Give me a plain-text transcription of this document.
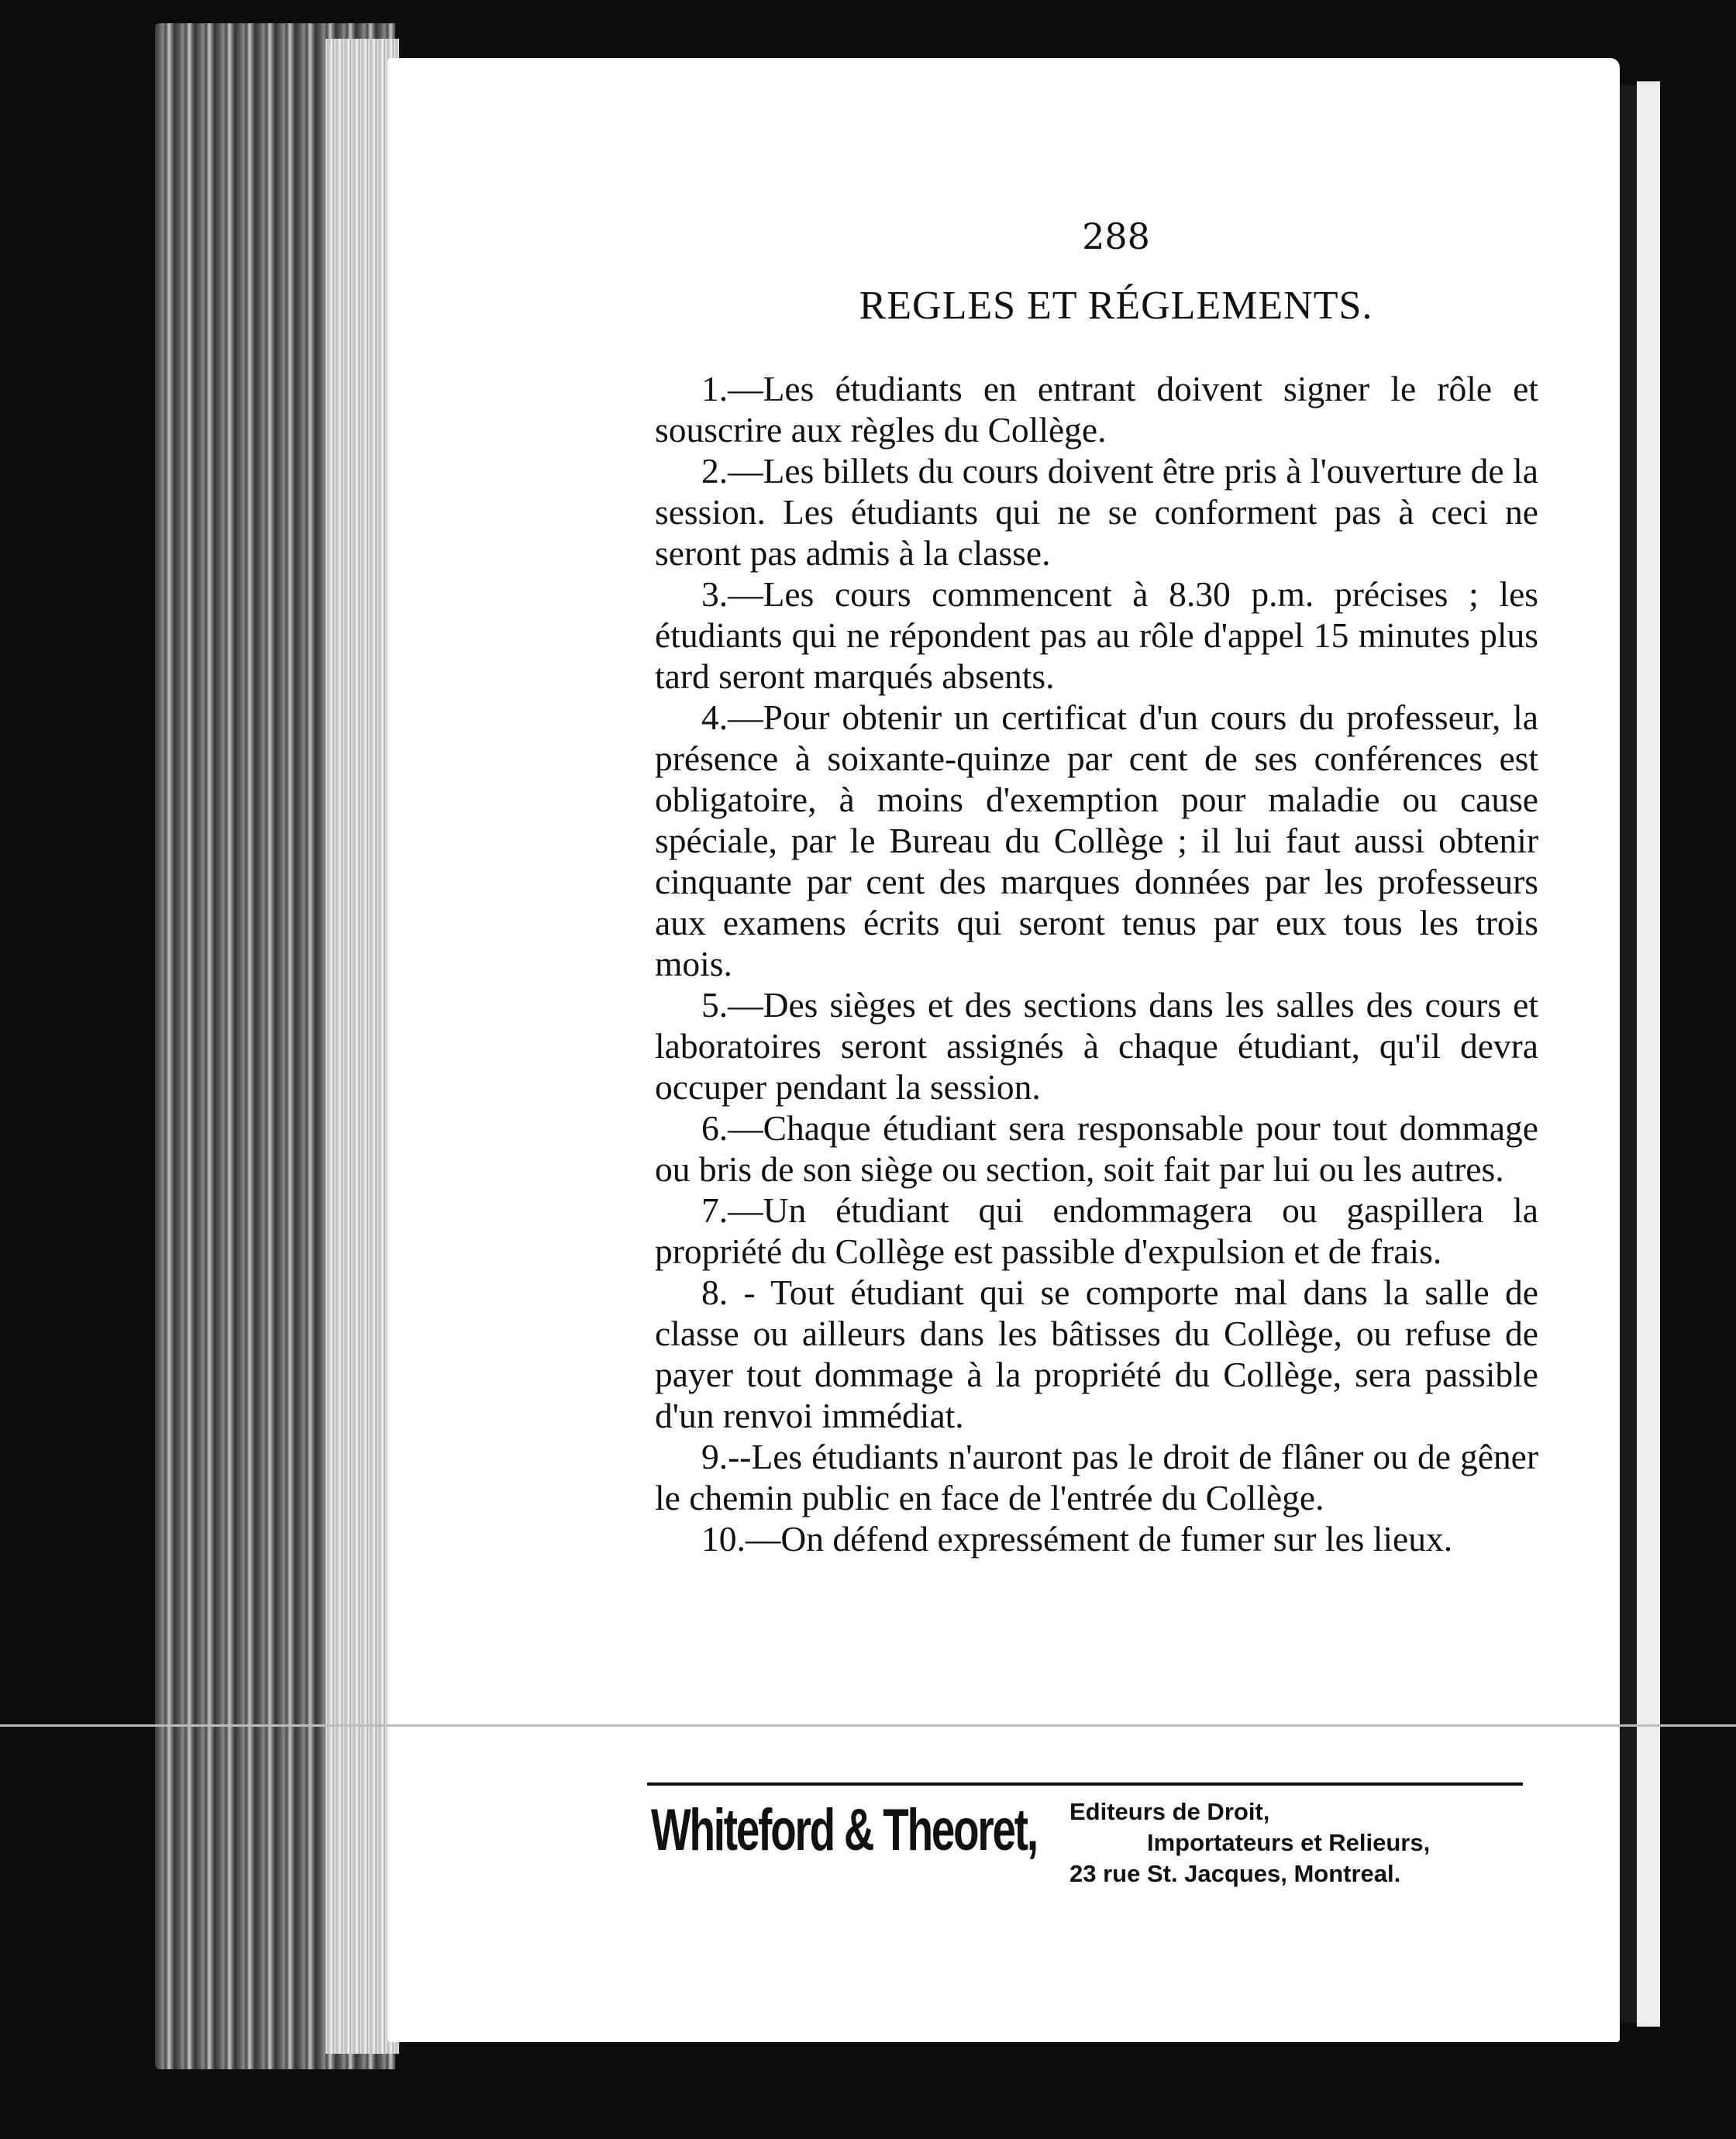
288
REGLES ET RÉGLEMENTS.

1.—Les étudiants en entrant doivent signer le rôle et souscrire aux règles du Collège.

2.—Les billets du cours doivent être pris à l'ouverture de la session. Les étudiants qui ne se conforment pas à ceci ne seront pas admis à la classe.

3.—Les cours commencent à 8.30 p.m. précises ; les étudiants qui ne répondent pas au rôle d'appel 15 minutes plus tard seront marqués absents.

4.—Pour obtenir un certificat d'un cours du professeur, la présence à soixante-quinze par cent de ses conférences est obligatoire, à moins d'exemption pour maladie ou cause spéciale, par le Bureau du Collège ; il lui faut aussi obtenir cinquante par cent des marques données par les professeurs aux examens écrits qui seront tenus par eux tous les trois mois.

5.—Des sièges et des sections dans les salles des cours et laboratoires seront assignés à chaque étudiant, qu'il devra occuper pendant la session.

6.—Chaque étudiant sera responsable pour tout dommage ou bris de son siège ou section, soit fait par lui ou les autres.

7.—Un étudiant qui endommagera ou gaspillera la propriété du Collège est passible d'expulsion et de frais.

8. - Tout étudiant qui se comporte mal dans la salle de classe ou ailleurs dans les bâtisses du Collège, ou refuse de payer tout dommage à la propriété du Collège, sera passible d'un renvoi immédiat.

9.--Les étudiants n'auront pas le droit de flâner ou de gêner le chemin public en face de l'entrée du Collège.

10.—On défend expressément de fumer sur les lieux.

Whiteford & Theoret, Editeurs de Droit,
Importateurs et Relieurs,
23 rue St. Jacques, Montreal.
